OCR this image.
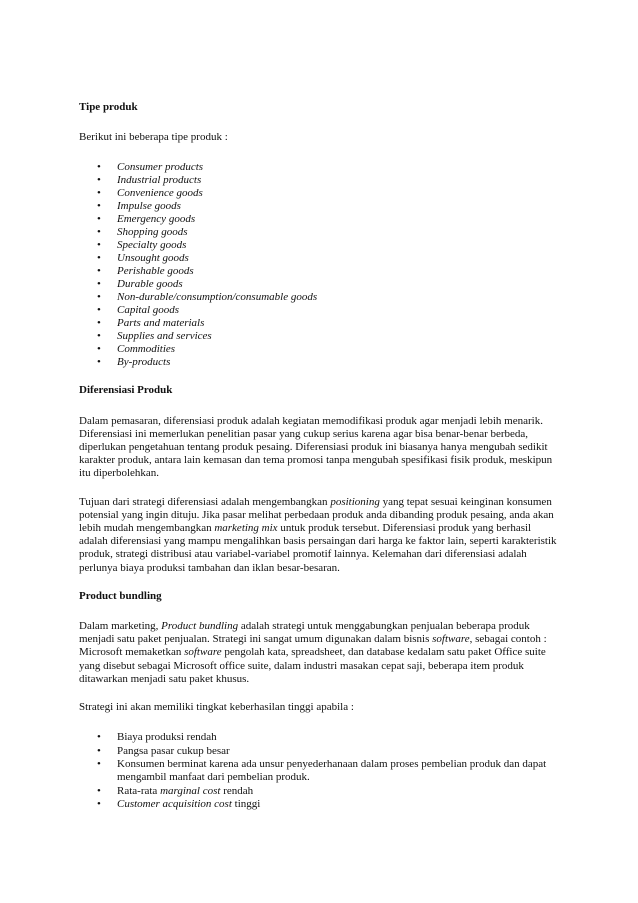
Tipe produk

Berikut ini beberapa tipe produk :

• Consumer products
• Industrial products
• Convenience goods
• Impulse goods
• Emergency goods
• Shopping goods
• Specialty goods
• Unsought goods
• Perishable goods
• Durable goods
• Non-durable/consumption/consumable goods
• Capital goods
• Parts and materials
• Supplies and services
• Commodities
• By-products
Diferensiasi Produk

Dalam pemasaran, diferensiasi produk adalah kegiatan memodifikasi produk agar menjadi lebih menarik. Diferensiasi ini memerlukan penelitian pasar yang cukup serius karena agar bisa benar-benar berbeda, diperlukan pengetahuan tentang produk pesaing. Diferensiasi produk ini biasanya hanya mengubah sedikit karakter produk, antara lain kemasan dan tema promosi tanpa mengubah spesifikasi fisik produk, meskipun itu diperbolehkan.

Tujuan dari strategi diferensiasi adalah mengembangkan positioning yang tepat sesuai keinginan konsumen potensial yang ingin dituju. Jika pasar melihat perbedaan produk anda dibanding produk pesaing, anda akan lebih mudah mengembangkan marketing mix untuk produk tersebut. Diferensiasi produk yang berhasil adalah diferensiasi yang mampu mengalihkan basis persaingan dari harga ke faktor lain, seperti karakteristik produk, strategi distribusi atau variabel-variabel promotif lainnya. Kelemahan dari diferensiasi adalah perlunya biaya produksi tambahan dan iklan besar-besaran.

Product bundling

Dalam marketing, Product bundling adalah strategi untuk menggabungkan penjualan beberapa produk menjadi satu paket penjualan. Strategi ini sangat umum digunakan dalam bisnis software, sebagai contoh : Microsoft memaketkan software pengolah kata, spreadsheet, dan database kedalam satu paket Office suite yang disebut sebagai Microsoft office suite, dalam industri masakan cepat saji, beberapa item produk ditawarkan menjadi satu paket khusus.

Strategi ini akan memiliki tingkat keberhasilan tinggi apabila :

• Biaya produksi rendah
• Pangsa pasar cukup besar
• Konsumen berminat karena ada unsur penyederhanaan dalam proses pembelian produk dan dapat mengambil manfaat dari pembelian produk.
• Rata-rata marginal cost rendah
• Customer acquisition cost tinggi
